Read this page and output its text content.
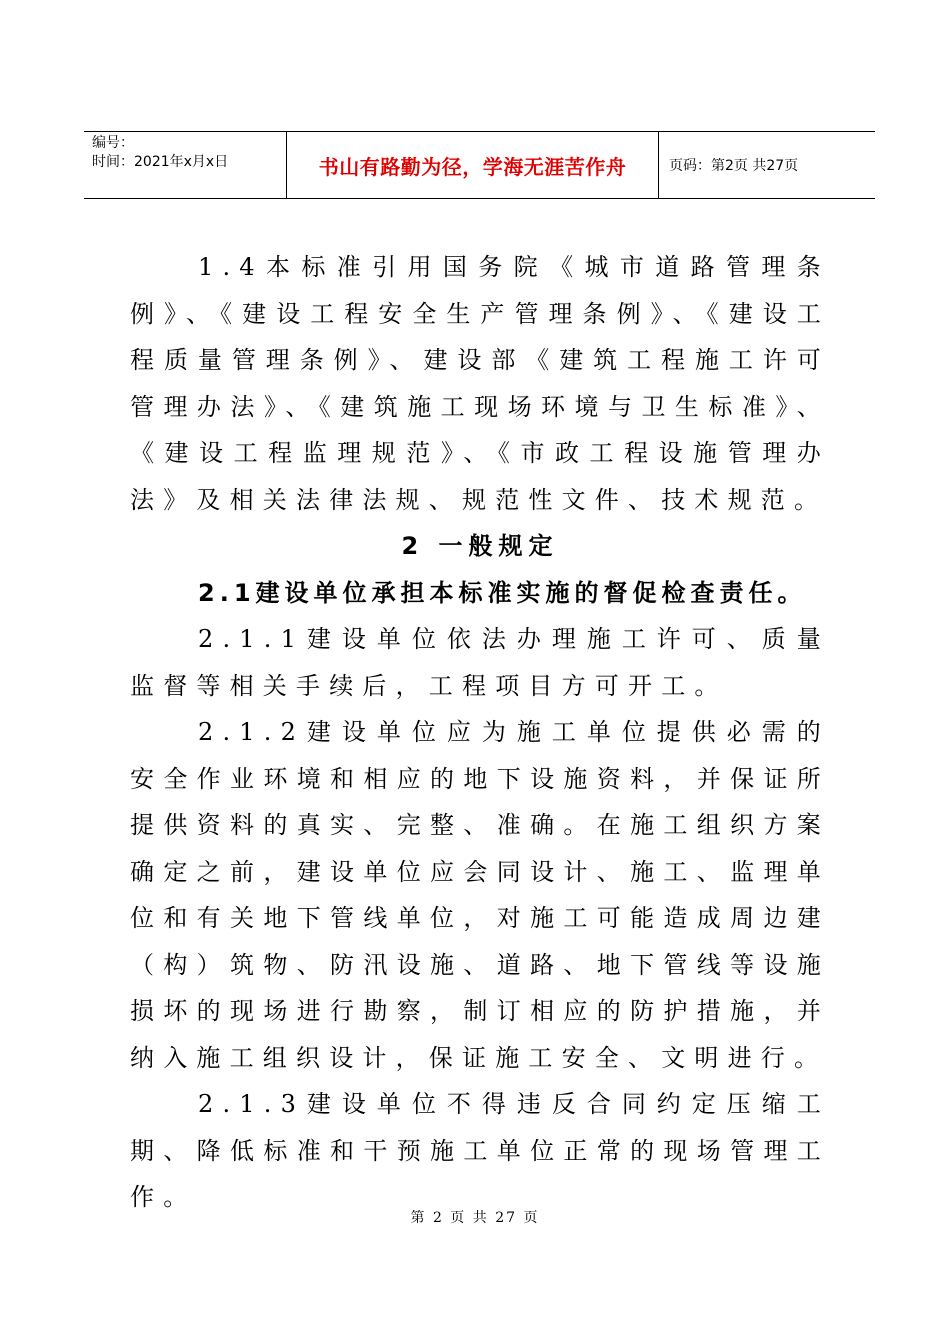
编号：
时间：2021年x月x日	书山有路勤为径，学海无涯苦作舟	页码：第2页 共27页

1.4本标准引用国务院《城市道路管理条例》、《建设工程安全生产管理条例》、《建设工程质量管理条例》、建设部《建筑工程施工许可管理办法》、《建筑施工现场环境与卫生标准》、《建设工程监理规范》、《市政工程设施管理办法》及相关法律法规、规范性文件、技术规范。

2 一般规定

2.1建设单位承担本标准实施的督促检查责任。

2.1.1建设单位依法办理施工许可、质量监督等相关手续后，工程项目方可开工。

2.1.2建设单位应为施工单位提供必需的安全作业环境和相应的地下设施资料，并保证所提供资料的真实、完整、准确。在施工组织方案确定之前，建设单位应会同设计、施工、监理单位和有关地下管线单位，对施工可能造成周边建（构）筑物、防汛设施、道路、地下管线等设施损坏的现场进行勘察，制订相应的防护措施，并纳入施工组织设计，保证施工安全、文明进行。

2.1.3建设单位不得违反合同约定压缩工期、降低标准和干预施工单位正常的现场管理工作。

第 2 页 共 27 页
